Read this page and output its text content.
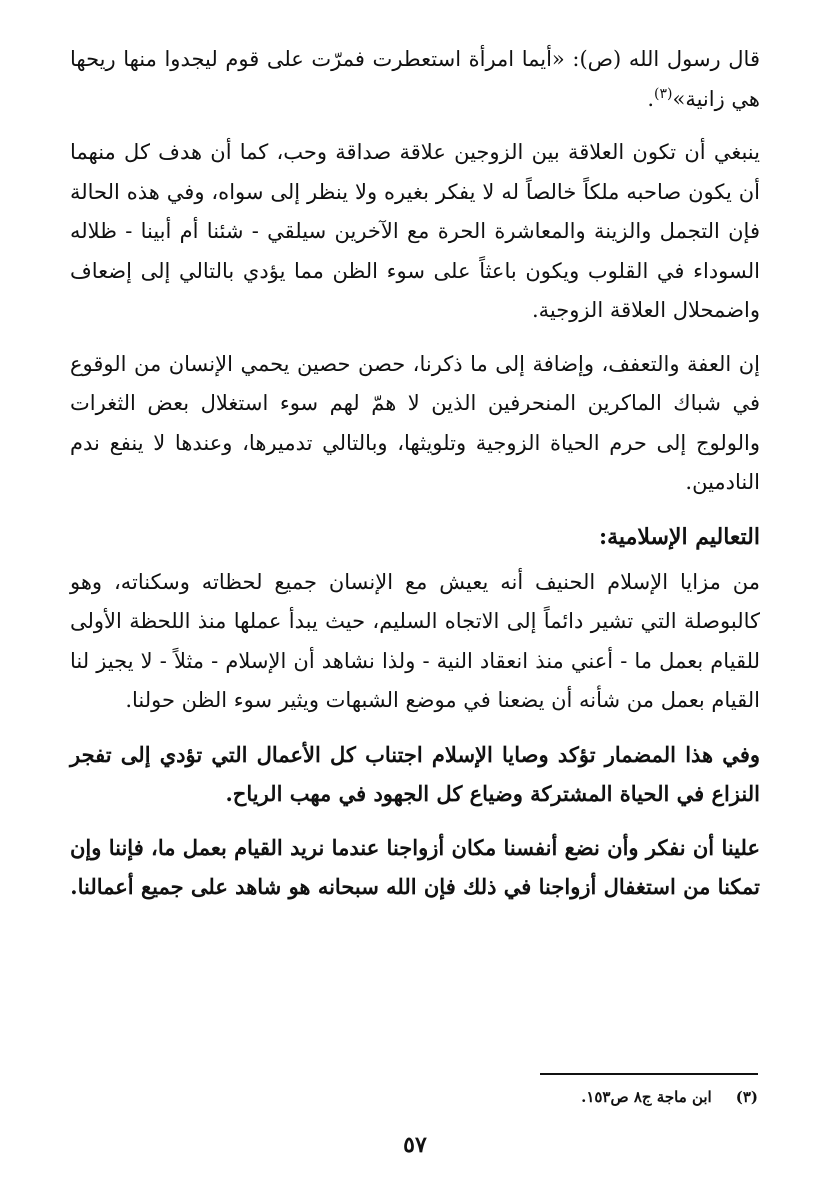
قال رسول الله (ص): «أيما امرأة استعطرت فمرّت على قوم ليجدوا منها ريحها هي زانية»$^{(٣)}$.

ينبغي أن تكون العلاقة بين الزوجين علاقة صداقة وحب، كما أن هدف كل منهما أن يكون صاحبه ملكاً خالصاً له لا يفكر بغيره ولا ينظر إلى سواه، وفي هذه الحالة فإن التجمل والزينة والمعاشرة الحرة مع الآخرين سيلقي - شئنا أم أبينا - ظلاله السوداء في القلوب ويكون باعثاً على سوء الظن مما يؤدي بالتالي إلى إضعاف واضمحلال العلاقة الزوجية.

إن العفة والتعفف، وإضافة إلى ما ذكرنا، حصن حصين يحمي الإنسان من الوقوع في شباك الماكرين المنحرفين الذين لا همّ لهم سوء استغلال بعض الثغرات والولوج إلى حرم الحياة الزوجية وتلويثها، وبالتالي تدميرها، وعندها لا ينفع ندم النادمين.

التعاليم الإسلامية:

من مزايا الإسلام الحنيف أنه يعيش مع الإنسان جميع لحظاته وسكناته، وهو كالبوصلة التي تشير دائماً إلى الاتجاه السليم، حيث يبدأ عملها منذ اللحظة الأولى للقيام بعمل ما - أعني منذ انعقاد النية - ولذا نشاهد أن الإسلام - مثلاً - لا يجيز لنا القيام بعمل من شأنه أن يضعنا في موضع الشبهات ويثير سوء الظن حولنا.

وفي هذا المضمار تؤكد وصايا الإسلام اجتناب كل الأعمال التي تؤدي إلى تفجر النزاع في الحياة المشتركة وضياع كل الجهود في مهب الرياح.

علينا أن نفكر وأن نضع أنفسنا مكان أزواجنا عندما نريد القيام بعمل ما، فإننا وإن تمكنا من استغفال أزواجنا في ذلك فإن الله سبحانه هو شاهد على جميع أعمالنا.

(٣)ابن ماجة ج٨ ص١٥٣.
٥٧
